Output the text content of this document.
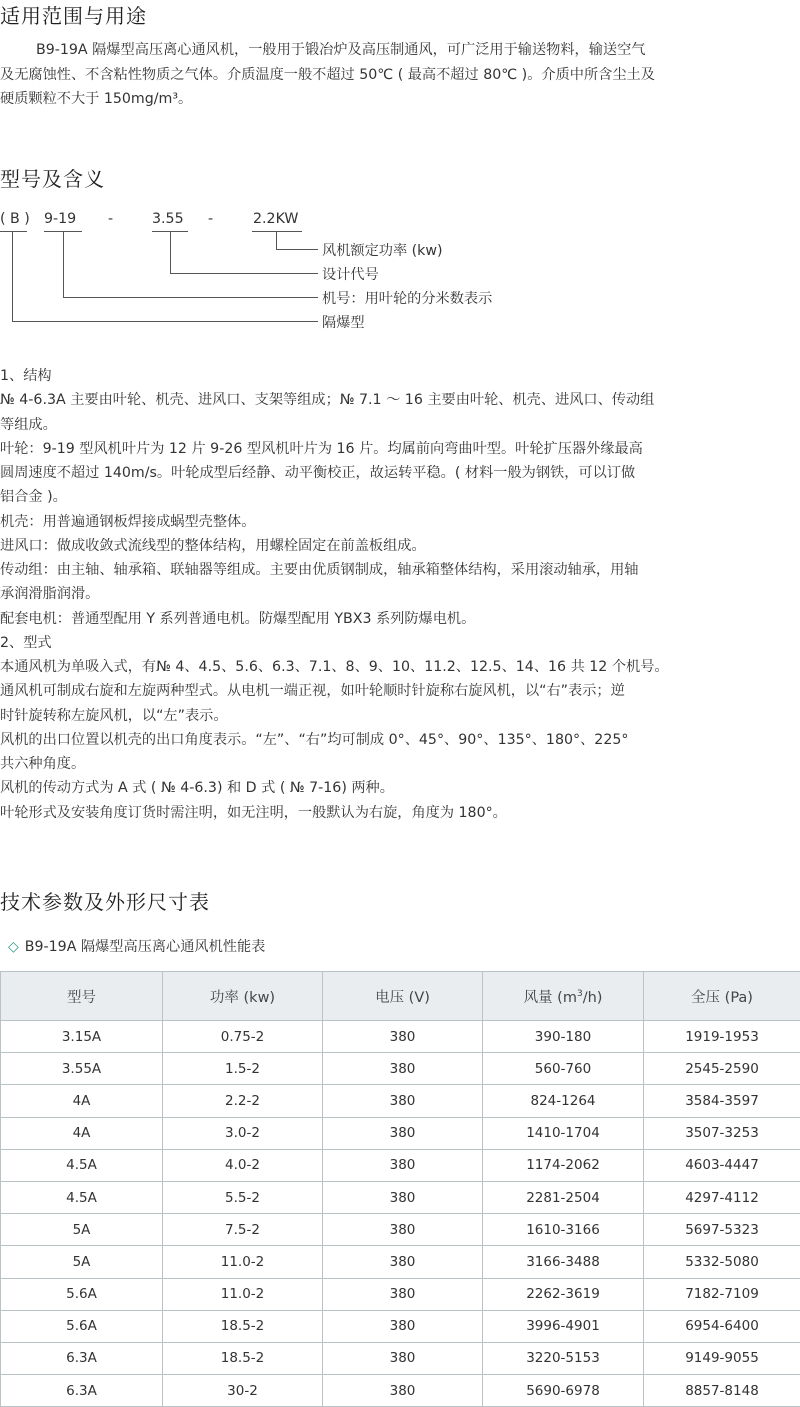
适用范围与用途
B9-19A 隔爆型高压离心通风机，一般用于锻冶炉及高压制通风，可广泛用于输送物料，输送空气
及无腐蚀性、不含粘性物质之气体。介质温度一般不超过 50℃ ( 最高不超过 80℃ )。介质中所含尘土及
硬质颗粒不大于 150mg/m³。
型号及含义
( B ) 9-19 -	3.55 -	2.2KW
风机额定功率 (kw)
设计代号
机号：用叶轮的分米数表示
隔爆型
1、结构
№ 4-6.3A 主要由叶轮、机壳、进风口、支架等组成；№ 7.1 ～ 16 主要由叶轮、机壳、进风口、传动组
等组成。
叶轮：9-19 型风机叶片为 12 片 9-26 型风机叶片为 16 片。均属前向弯曲叶型。叶轮扩压器外缘最高
圆周速度不超过 140m/s。叶轮成型后经静、动平衡校正，故运转平稳。( 材料一般为钢铁，可以订做
铝合金 )。
机壳：用普遍通钢板焊接成蜗型壳整体。
进风口：做成收敛式流线型的整体结构，用螺栓固定在前盖板组成。
传动组：由主轴、轴承箱、联轴器等组成。主要由优质钢制成，轴承箱整体结构，采用滚动轴承，用轴
承润滑脂润滑。
配套电机：普通型配用 Y 系列普通电机。防爆型配用 YBX3 系列防爆电机。
2、型式
本通风机为单吸入式，有№ 4、4.5、5.6、6.3、7.1、8、9、10、11.2、12.5、14、16 共 12 个机号。
通风机可制成右旋和左旋两种型式。从电机一端正视，如叶轮顺时针旋称右旋风机，以“右”表示；逆
时针旋转称左旋风机，以“左”表示。
风机的出口位置以机壳的出口角度表示。“左”、“右”均可制成 0°、45°、90°、135°、180°、225°
共六种角度。
风机的传动方式为 A 式 ( № 4-6.3) 和 D 式 ( № 7-16) 两种。
叶轮形式及安装角度订货时需注明，如无注明，一般默认为右旋，角度为 180°。
技术参数及外形尺寸表
◇ B9-19A 隔爆型高压离心通风机性能表
型号	功率 (kw)	电压 (V)	风量 $(m^3/h)$	全压 (Pa)
3.15A	0.75-2	380	390-180	1919-1953
3.55A	1.5-2	380	560-760	2545-2590
4A	2.2-2	380	824-1264	3584-3597
4A	3.0-2	380	1410-1704	3507-3253
4.5A	4.0-2	380	1174-2062	4603-4447
4.5A	5.5-2	380	2281-2504	4297-4112
5A	7.5-2	380	1610-3166	5697-5323
5A	11.0-2	380	3166-3488	5332-5080
5.6A	11.0-2	380	2262-3619	7182-7109
5.6A	18.5-2	380	3996-4901	6954-6400
6.3A	18.5-2	380	3220-5153	9149-9055
6.3A	30-2	380	5690-6978	8857-8148
